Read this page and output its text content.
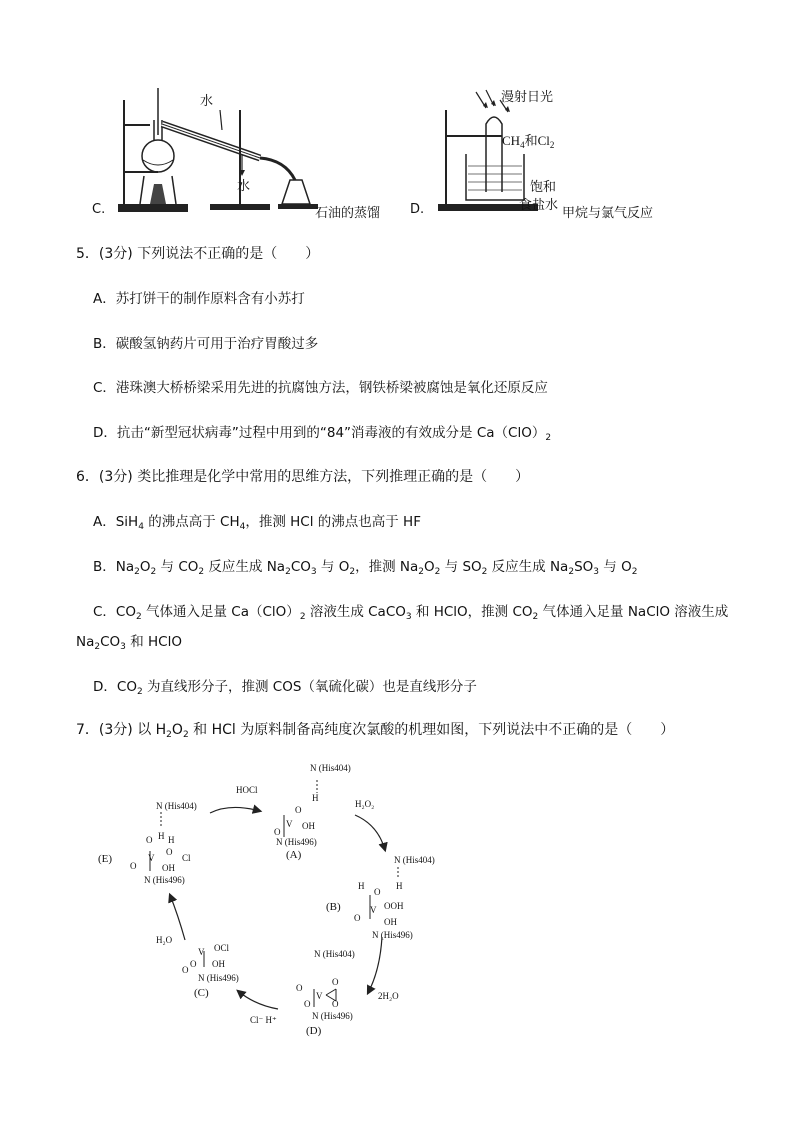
C.
水
水
石油的蒸馏 D.
漫射日光
$CH_4$和$Cl_2$
饱和
食盐水
甲烷与氯气反应
5．(3分) 下列说法不正确的是（　　）
A．苏打饼干的制作原料含有小苏打
B．碳酸氢钠药片可用于治疗胃酸过多
C．港珠澳大桥桥梁采用先进的抗腐蚀方法，钢铁桥梁被腐蚀是氧化还原反应
D．抗击“新型冠状病毒”过程中用到的“84”消毒液的有效成分是 $Ca(ClO)_2$
6．(3分) 类比推理是化学中常用的思维方法，下列推理正确的是（　　）
A．SiH$_4$ 的沸点高于 $CH_4$，推测 HCl 的沸点也高于 HF
B．$Na_2O_2$ 与 $CO_2$ 反应生成 $Na_2CO_3$ 与 $O_2$，推测 $Na_2O_2$ 与 $SO_2$ 反应生成 $Na_2SO_3$ 与 $O_2$
C．$CO_2$ 气体通入足量 $Ca(ClO)_2$ 溶液生成 CaCO$_3$ 和 HClO，推测 $CO_2$ 气体通入足量 NaClO 溶液生成
$Na_2CO_3$ 和 HClO
D．$CO_2$ 为直线形分子，推测 COS（氧硫化碳）也是直线形分子
7．(3分) 以 $H_2O_2$ 和 HCl 为原料制备高纯度次氯酸的机理如图，下列说法中不正确的是（　　）
HOCl
N (His404)
H
O
V OH
O
N (His496)
(A)
H₂O₂
N (His404)
H
O H
V
O
Cl
OH
O
N (His496)
(E)	N (His404)
H
H
O
V OOH
OH
O
N (His496)
(B)
H₂O
V OCl
O OH
O
N (His496)
(C)
N (His404)
O
V
O
O
O
N (His496)
(D)
2H₂O
Cl⁻ H⁺
